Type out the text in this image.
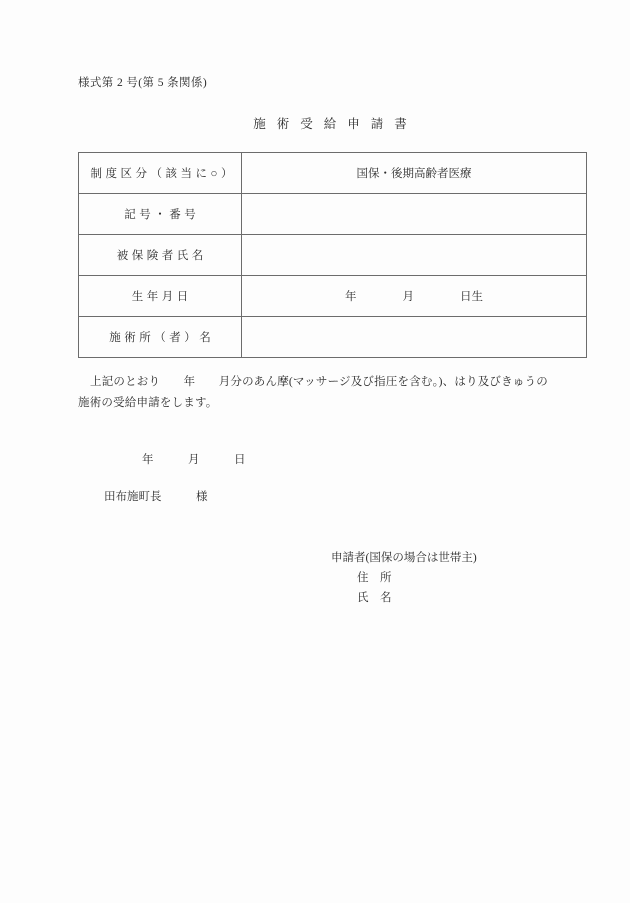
様式第 2 号(第 5 条関係)
施術受給申請書
制度区分（該当に○）	国保・後期高齢者医療
記号・番号	
被保険者氏名	
生年月日	年　　　　月　　　　日生
施術所（者）名	

上記のとおり　　年　　月分のあん摩(マッサージ及び指圧を含む。)、はり及びきゅうの施術の受給申請をします。

年　　　月　　　日
田布施町長　　　様
申請者(国保の場合は世帯主)
住　所
氏　名
